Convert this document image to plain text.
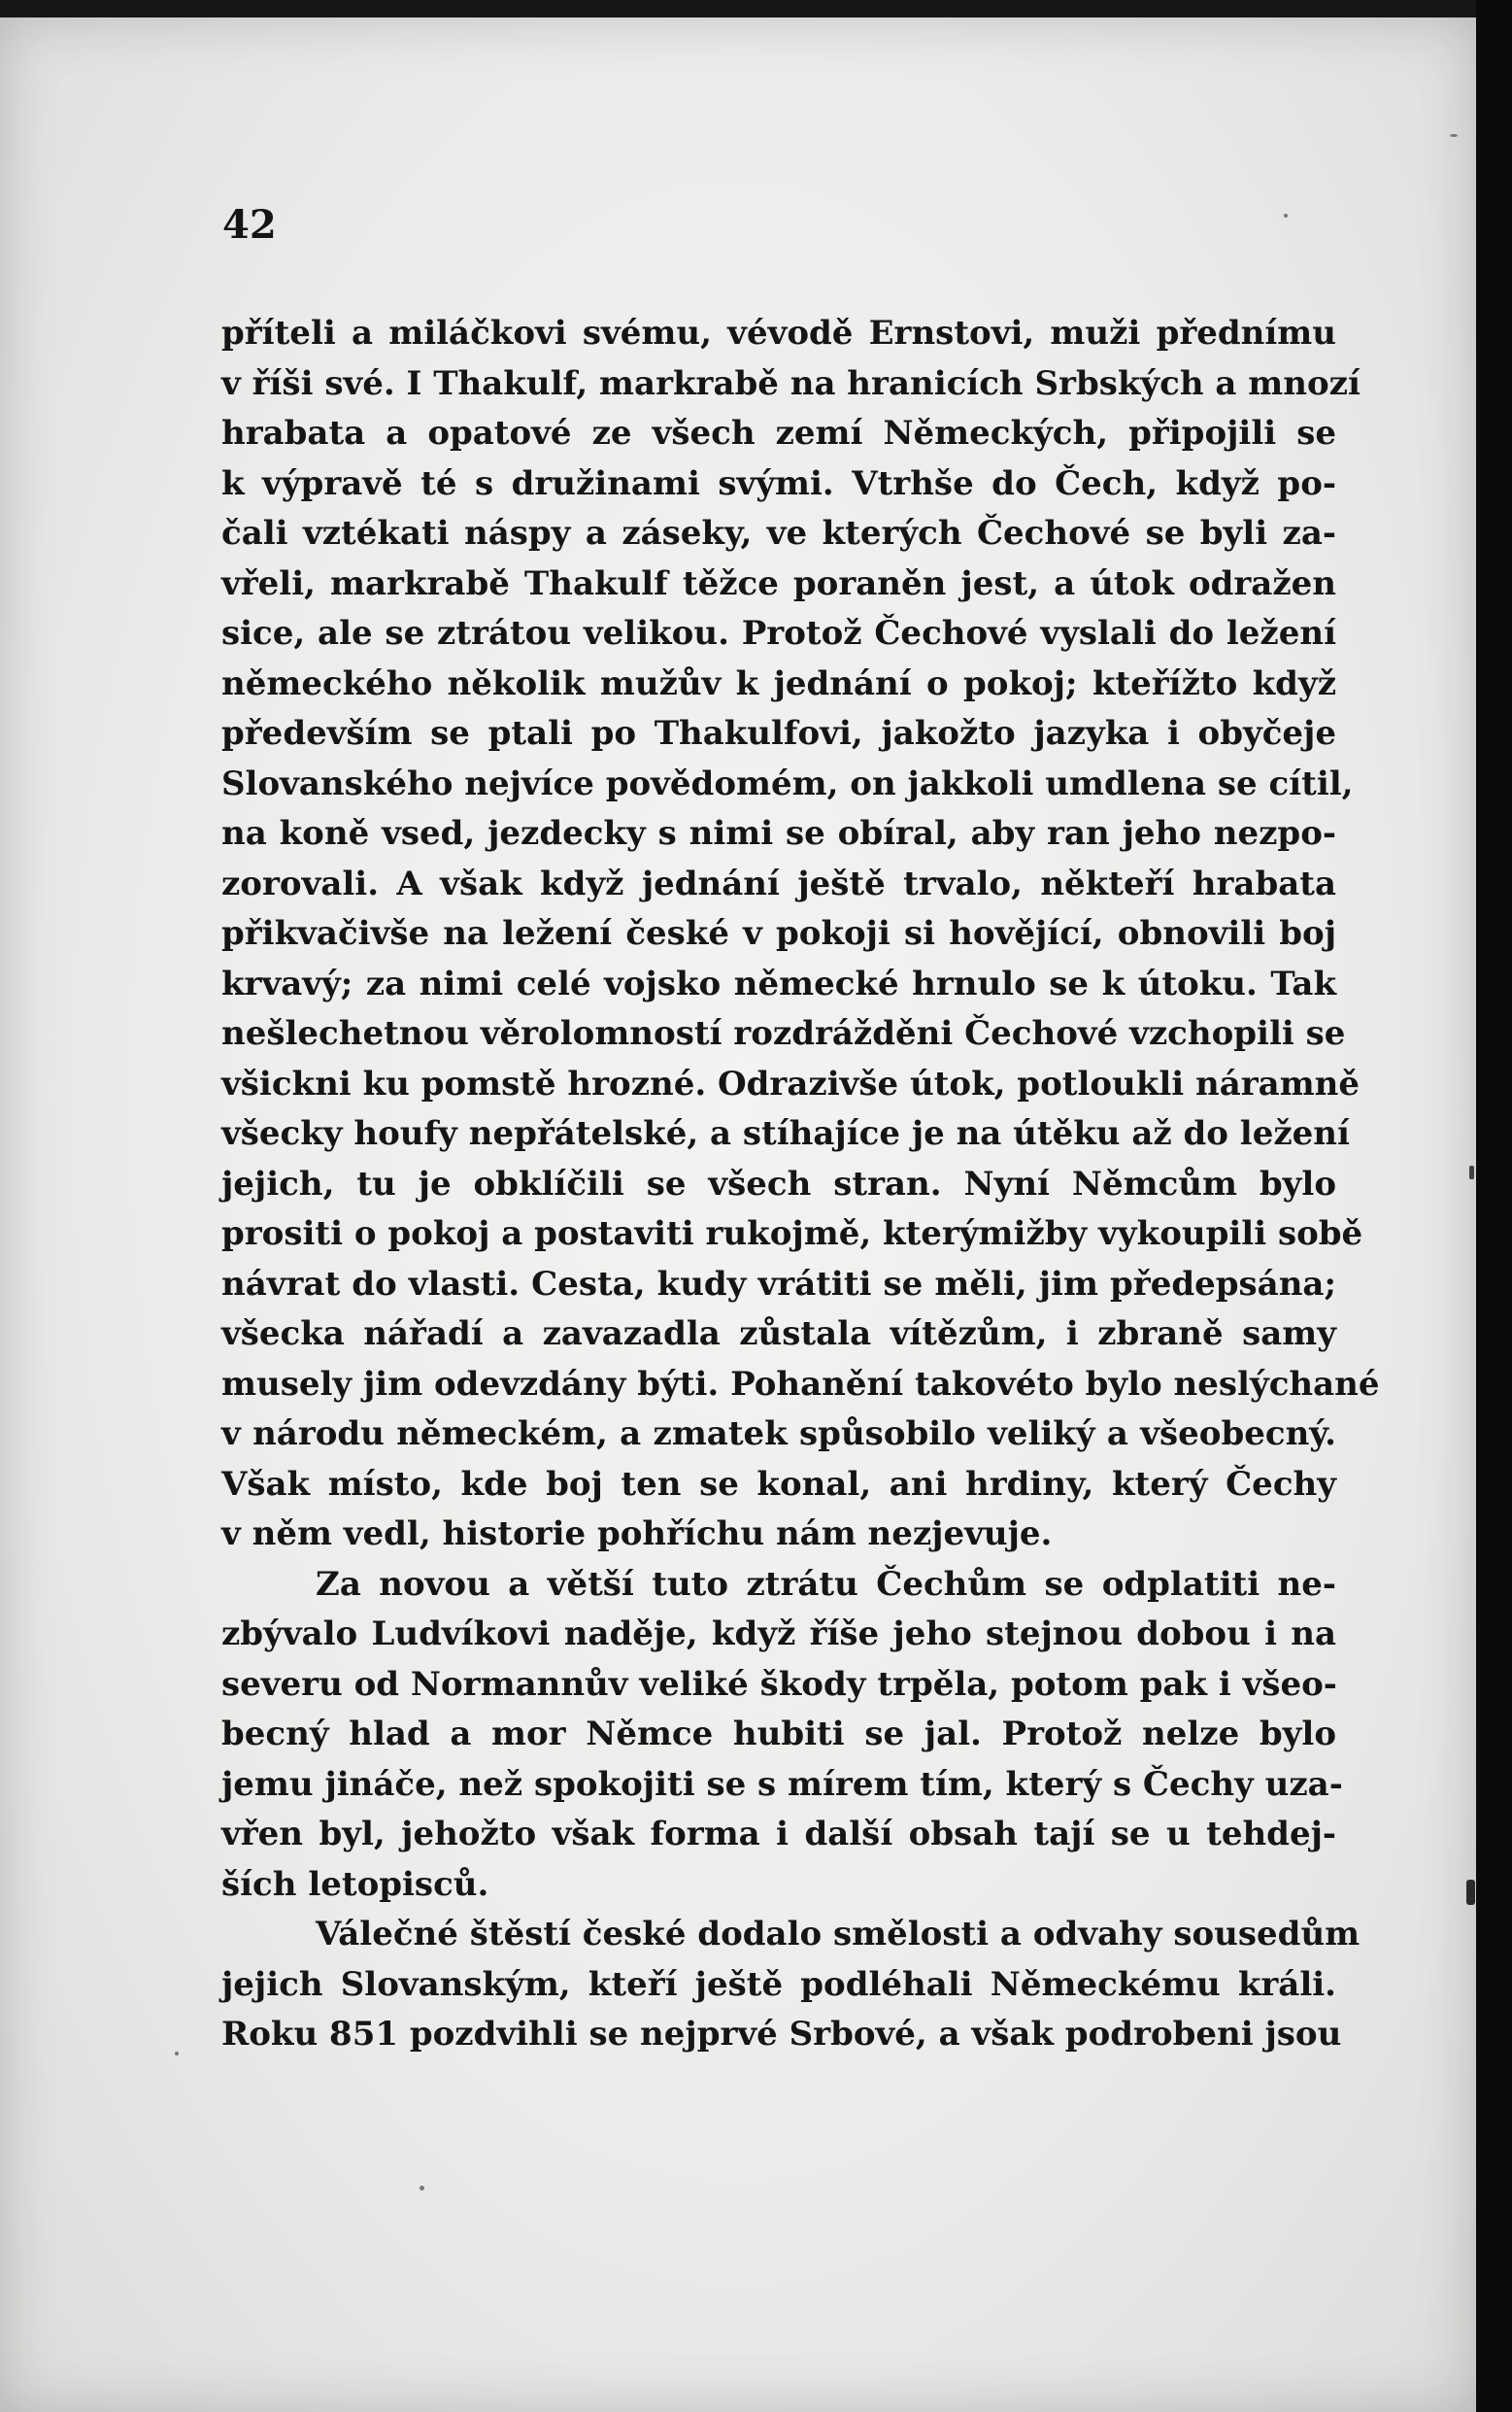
42
příteli a miláčkovi svému, vévodě Ernstovi, muži přednímu
v říši své. I Thakulf, markrabě na hranicích Srbských a mnozí
hrabata a opatové ze všech zemí Německých, připojili se
k výpravě té s družinami svými. Vtrhše do Čech, když po-
čali vztékati náspy a záseky, ve kterých Čechové se byli za-
vřeli, markrabě Thakulf těžce poraněn jest, a útok odražen
sice, ale se ztrátou velikou. Protož Čechové vyslali do ležení
německého několik mužův k jednání o pokoj; kteřížto když
především se ptali po Thakulfovi, jakožto jazyka i obyčeje
Slovanského nejvíce povědomém, on jakkoli umdlena se cítil,
na koně vsed, jezdecky s nimi se obíral, aby ran jeho nezpo-
zorovali. A však když jednání ještě trvalo, někteří hrabata
přikvačivše na ležení české v pokoji si hovějící, obnovili boj
krvavý; za nimi celé vojsko německé hrnulo se k útoku. Tak
nešlechetnou věrolomností rozdrážděni Čechové vzchopili se
všickni ku pomstě hrozné. Odrazivše útok, potloukli náramně
všecky houfy nepřátelské, a stíhajíce je na útěku až do ležení
jejich, tu je obklíčili se všech stran. Nyní Němcům bylo
prositi o pokoj a postaviti rukojmě, kterýmižby vykoupili sobě
návrat do vlasti. Cesta, kudy vrátiti se měli, jim předepsána;
všecka nářadí a zavazadla zůstala vítězům, i zbraně samy
musely jim odevzdány býti. Pohanění takovéto bylo neslýchané
v národu německém, a zmatek spůsobilo veliký a všeobecný.
Však místo, kde boj ten se konal, ani hrdiny, který Čechy
v něm vedl, historie pohříchu nám nezjevuje.
Za novou a větší tuto ztrátu Čechům se odplatiti ne-
zbývalo Ludvíkovi naděje, když říše jeho stejnou dobou i na
severu od Normannův veliké škody trpěla, potom pak i všeo-
becný hlad a mor Němce hubiti se jal. Protož nelze bylo
jemu jináče, než spokojiti se s mírem tím, který s Čechy uza-
vřen byl, jehožto však forma i další obsah tají se u tehdej-
ších letopisců.
Válečné štěstí české dodalo smělosti a odvahy sousedům
jejich Slovanským, kteří ještě podléhali Německému králi.
Roku 851 pozdvihli se nejprvé Srbové, a však podrobeni jsou
